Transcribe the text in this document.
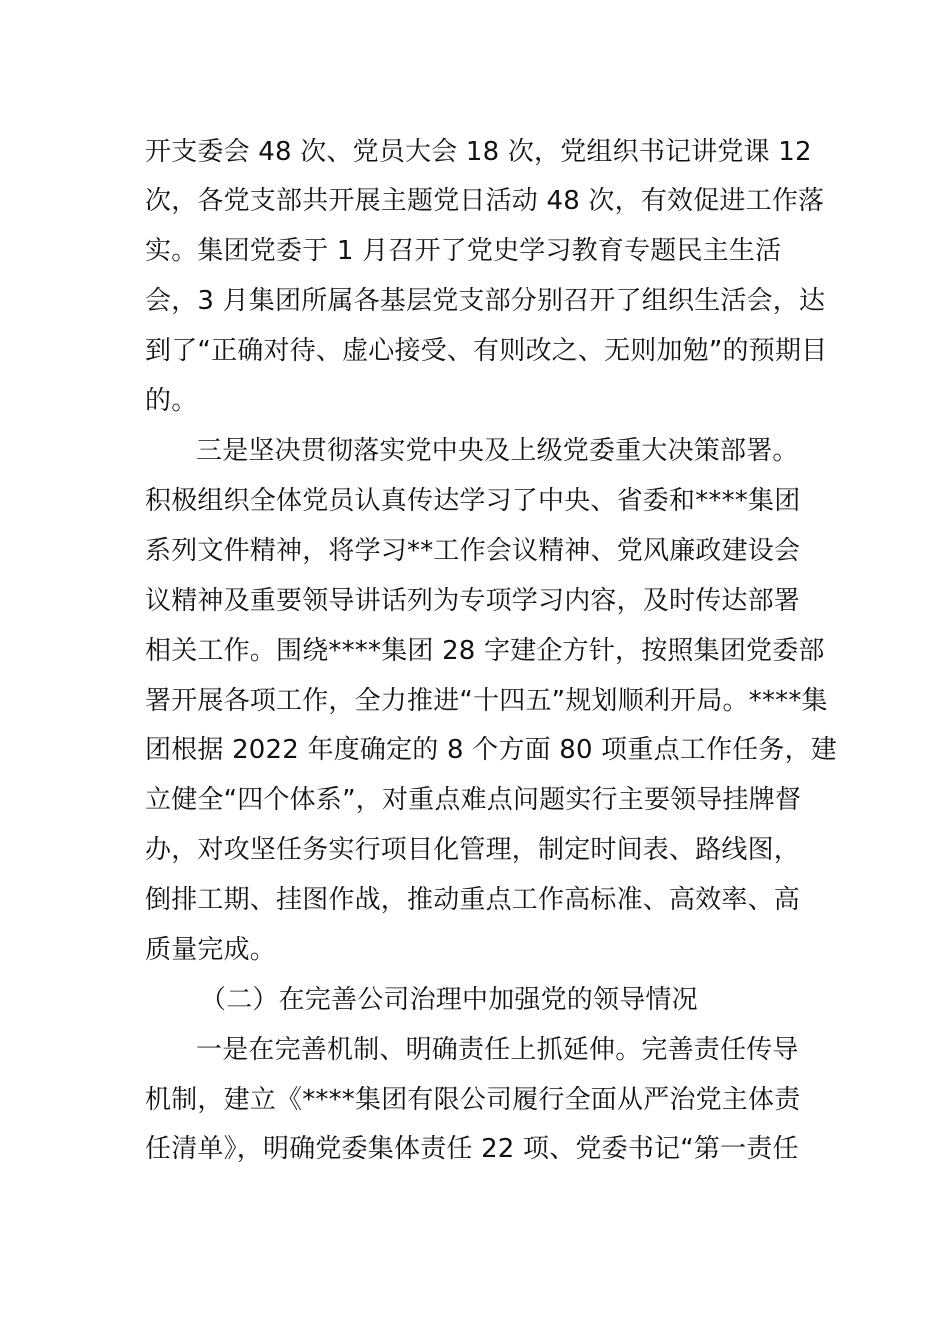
开支委会 48 次、党员大会 18 次，党组织书记讲党课 12

次，各党支部共开展主题党日活动 48 次，有效促进工作落

实。集团党委于 1 月召开了党史学习教育专题民主生活

会，3 月集团所属各基层党支部分别召开了组织生活会，达

到了“正确对待、虚心接受、有则改之、无则加勉”的预期目

的。

三是坚决贯彻落实党中央及上级党委重大决策部署。

积极组织全体党员认真传达学习了中央、省委和****集团

系列文件精神，将学习**工作会议精神、党风廉政建设会

议精神及重要领导讲话列为专项学习内容，及时传达部署

相关工作。围绕****集团 28 字建企方针，按照集团党委部

署开展各项工作，全力推进“十四五”规划顺利开局。****集

团根据 2022 年度确定的 8 个方面 80 项重点工作任务，建

立健全“四个体系”，对重点难点问题实行主要领导挂牌督

办，对攻坚任务实行项目化管理，制定时间表、路线图，

倒排工期、挂图作战，推动重点工作高标准、高效率、高

质量完成。

（二）在完善公司治理中加强党的领导情况

一是在完善机制、明确责任上抓延伸。完善责任传导

机制，建立《****集团有限公司履行全面从严治党主体责

任清单》，明确党委集体责任 22 项、党委书记“第一责任
